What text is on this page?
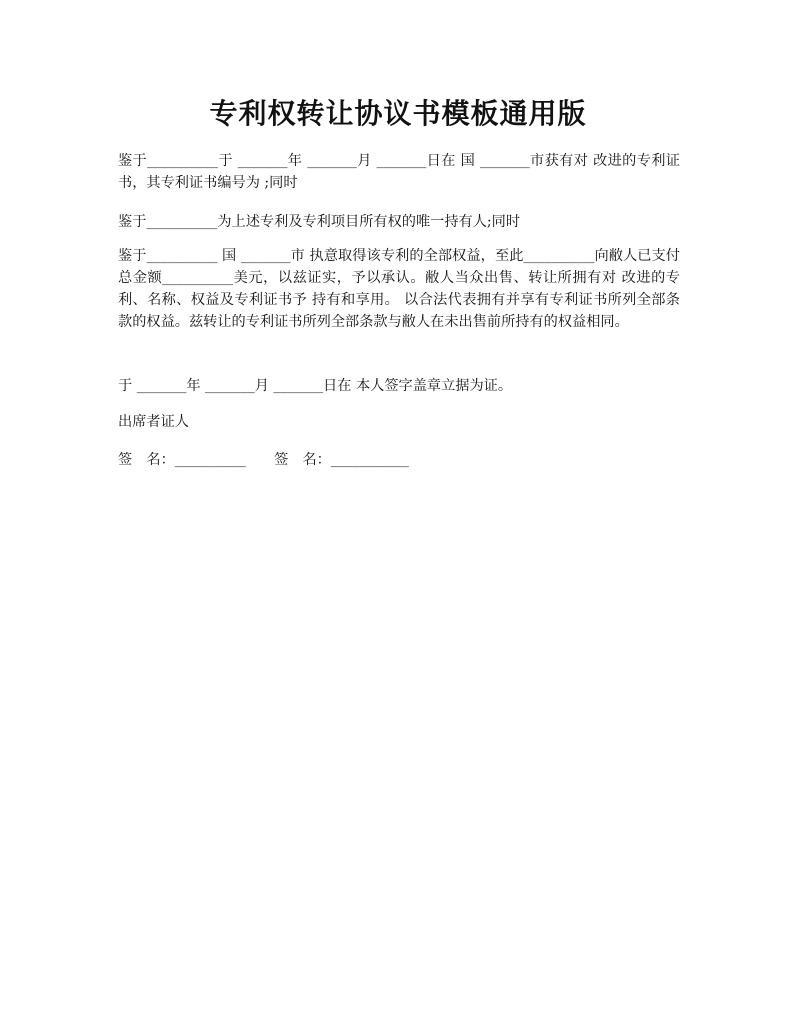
专利权转让协议书模板通用版
鉴于__________于 _______年 _______月 _______日在 国 _______市获有对 改进的专利证书，其专利证书编号为 ;同时
鉴于__________为上述专利及专利项目所有权的唯一持有人;同时
鉴于__________ 国 _______市 执意取得该专利的全部权益，至此__________向敝人已支付总金额__________美元，以兹证实，予以承认。敝人当众出售、转让所拥有对 改进的专利、名称、权益及专利证书予 持有和享用。 以合法代表拥有并享有专利证书所列全部条款的权益。兹转让的专利证书所列全部条款与敝人在未出售前所持有的权益相同。
于 _______年 _______月 _______日在 本人签字盖章立据为证。
出席者证人
签　名：__________　　签　名：___________
